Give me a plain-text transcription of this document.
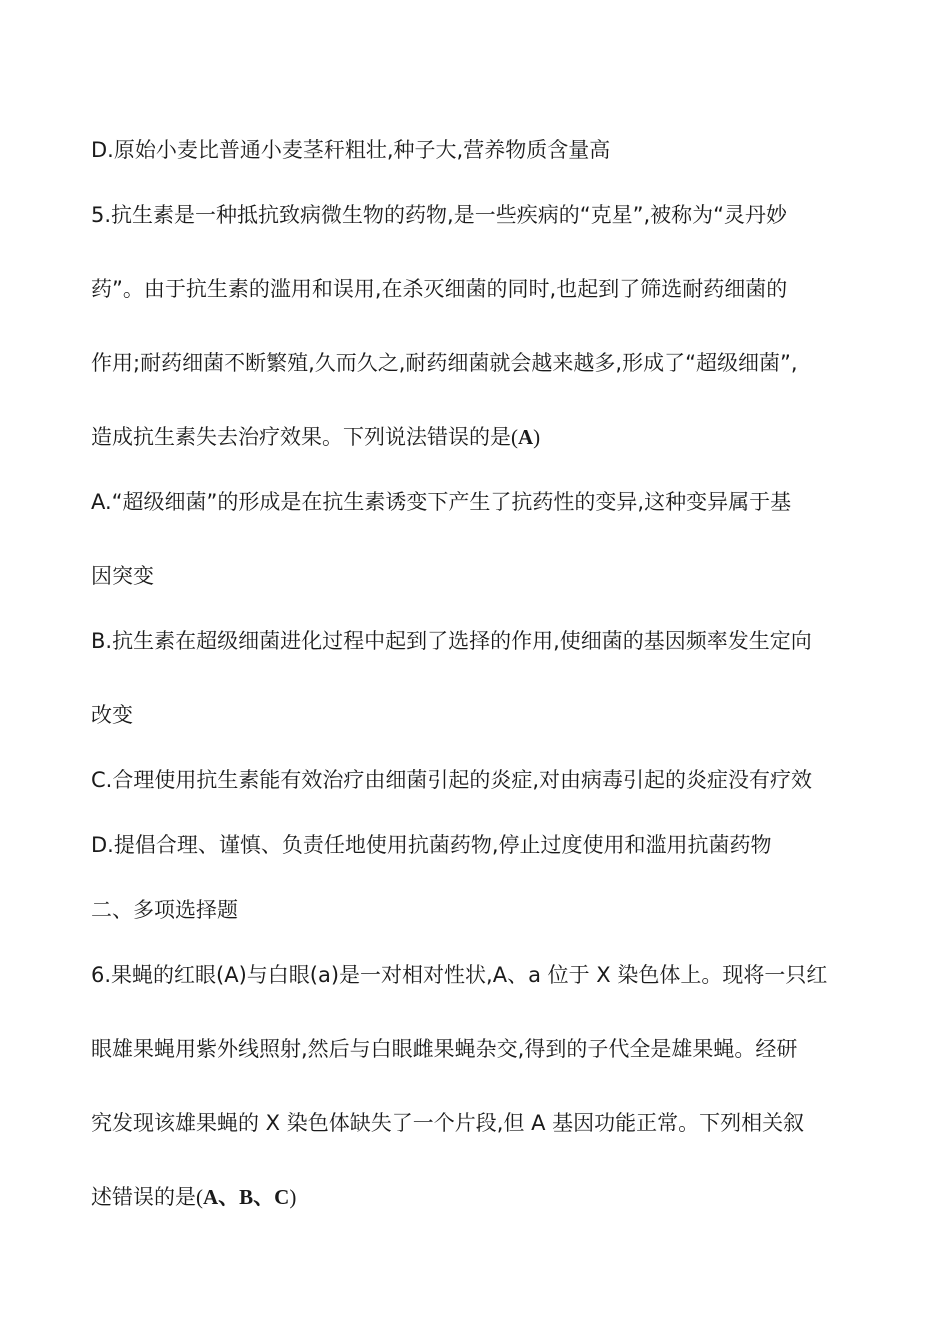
D.原始小麦比普通小麦茎秆粗壮,种子大,营养物质含量高
5.抗生素是一种抵抗致病微生物的药物,是一些疾病的“克星”,被称为“灵丹妙
药”。由于抗生素的滥用和误用,在杀灭细菌的同时,也起到了筛选耐药细菌的
作用;耐药细菌不断繁殖,久而久之,耐药细菌就会越来越多,形成了“超级细菌”,
造成抗生素失去治疗效果。下列说法错误的是(A)
A.“超级细菌”的形成是在抗生素诱变下产生了抗药性的变异,这种变异属于基
因突变
B.抗生素在超级细菌进化过程中起到了选择的作用,使细菌的基因频率发生定向
改变
C.合理使用抗生素能有效治疗由细菌引起的炎症,对由病毒引起的炎症没有疗效
D.提倡合理、谨慎、负责任地使用抗菌药物,停止过度使用和滥用抗菌药物
二、多项选择题
6.果蝇的红眼(A)与白眼(a)是一对相对性状,A、a 位于 X 染色体上。现将一只红
眼雄果蝇用紫外线照射,然后与白眼雌果蝇杂交,得到的子代全是雄果蝇。经研
究发现该雄果蝇的 X 染色体缺失了一个片段,但 A 基因功能正常。下列相关叙
述错误的是(A、B、C)
